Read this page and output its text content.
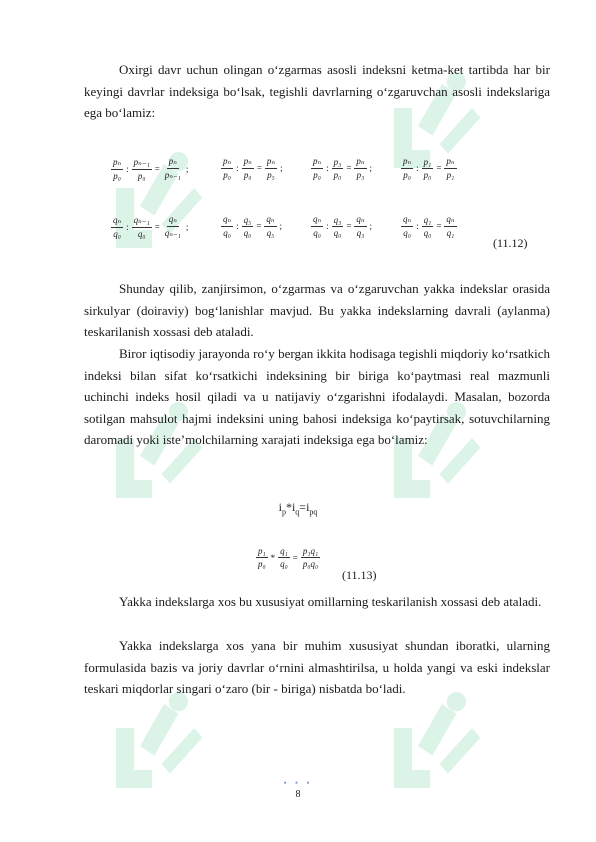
Oxirgi davr uchun olingan o‘zgarmas asosli indeksni ketma-ket tartibda har bir keyingi davrlar indeksiga bo‘lsak, tegishli davrlarning o‘zgaruvchan asosli indekslariga ega bo‘lamiz:

$\frac{\text{pₙ}}{\text{p₀}}$ : $\frac{\text{pₙ₋₁}}{\text{p₀}} = \frac{\text{pₙ}}{\text{pₙ₋₁}}$ ;	$\frac{\text{pₙ}}{\text{p₀}}$ : $\frac{\text{pₙ}}{\text{p₀}} = \frac{\text{pₙ}}{\text{p₅}}$ ;	$\frac{\text{pₙ}}{\text{p₀}}$ : $\frac{\text{p₃}}{\text{p₀}} = \frac{\text{pₙ}}{\text{p₃}}$ ;	$\frac{\text{pₙ}}{\text{p₀}}$ : $\frac{\text{p₁}}{\text{p₀}} = \frac{\text{pₙ}}{\text{p₁}}$
$\frac{\text{qₙ}}{\text{q₀}}$ : $\frac{\text{qₙ₋₁}}{\text{q₀}} = \frac{\text{qₙ}}{\text{qₙ₋₁}}$ ;	$\frac{\text{qₙ}}{\text{q₀}}$ : $\frac{\text{q₅}}{\text{q₀}} = \frac{\text{qₙ}}{\text{q₅}}$ ;	$\frac{\text{qₙ}}{\text{q₀}}$ : $\frac{\text{q₃}}{\text{q₀}} = \frac{\text{qₙ}}{\text{q₃}}$ ;	$\frac{\text{qₙ}}{\text{q₀}}$ : $\frac{\text{q₁}}{\text{q₀}} = \frac{\text{qₙ}}{\text{q₁}}$
(11.12)

Shunday qilib, zanjirsimon, o‘zgarmas va o‘zgaruvchan yakka indekslar orasida sirkulyar (doiraviy) bog‘lanishlar mavjud. Bu yakka indekslarning davrali (aylanma) teskarilanish xossasi deb ataladi.

Biror iqtisodiy jarayonda ro‘y bergan ikkita hodisaga tegishli miqdoriy ko‘rsatkich indeksi bilan sifat ko‘rsatkichi indeksining bir biriga ko‘paytmasi real mazmunli uchinchi indeks hosil qiladi va u natijaviy o‘zgarishni ifodalaydi. Masalan, bozorda sotilgan mahsulot hajmi indeksini uning bahosi indeksiga ko‘paytirsak, sotuvchilarning daromadi yoki iste’molchilarning xarajati indeksiga ega bo‘lamiz:

$i_p*i_q=i_{pq}$
$\frac{\text{p₁}}{\text{p₀}} * \frac{\text{q₁}}{\text{q₀}} = \frac{\text{p₁q₁}}{\text{p₀q₀}}$
(11.13)

Yakka indekslarga xos bu xususiyat omillarning teskarilanish xossasi deb ataladi.

Yakka indekslarga xos yana bir muhim xususiyat shundan iboratki, ularning formulasida bazis va joriy davrlar o‘rnini almashtirilsa, u holda yangi va eski indekslar teskari miqdorlar singari o‘zaro (bir - biriga) nisbatda bo‘ladi.

• • •
8
